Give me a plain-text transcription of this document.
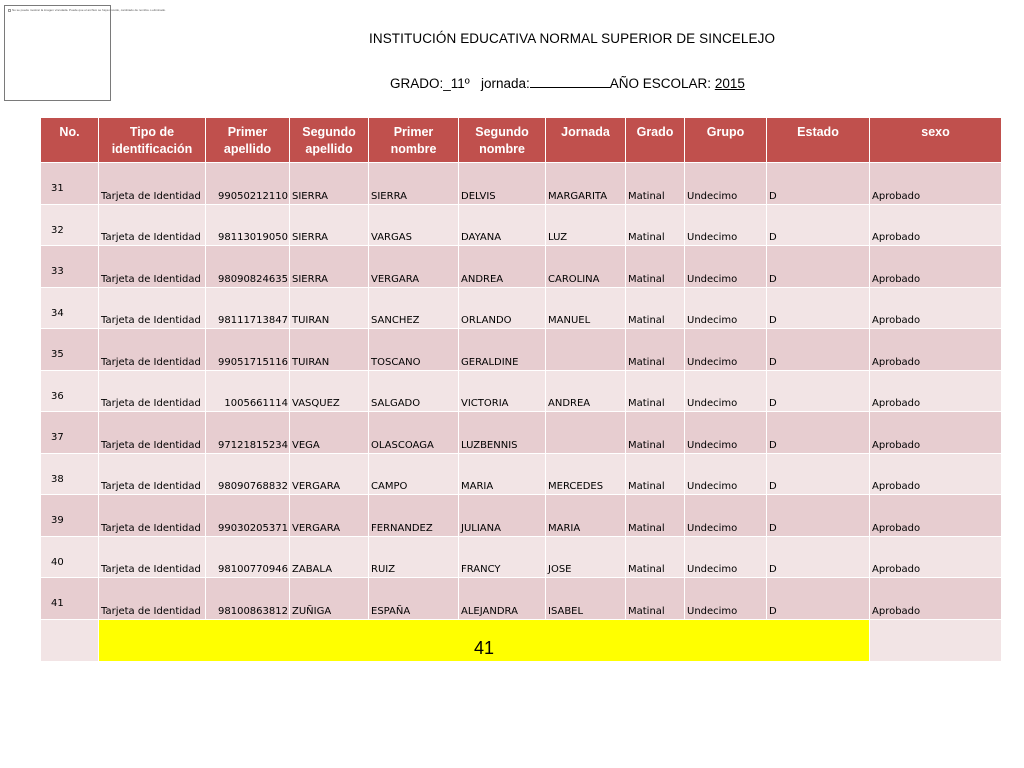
No se puede mostrar la imagen vinculada. Puede que el archivo se haya movido, cambiado de nombre o eliminado.
INSTITUCIÓN EDUCATIVA NORMAL SUPERIOR DE SINCELEJO
GRADO:_11º jornada:	AÑO ESCOLAR: 2015
No.	Tipo de identificación	Primer apellido	Segundo apellido	Primer nombre	Segundo nombre	Jornada	Grado	Grupo	Estado	sexo
31	Tarjeta de Identidad	99050212110	SIERRA	SIERRA	DELVIS	MARGARITA	Matinal	Undecimo	D	Aprobado
32	Tarjeta de Identidad	98113019050	SIERRA	VARGAS	DAYANA	LUZ	Matinal	Undecimo	D	Aprobado
33	Tarjeta de Identidad	98090824635	SIERRA	VERGARA	ANDREA	CAROLINA	Matinal	Undecimo	D	Aprobado
34	Tarjeta de Identidad	98111713847	TUIRAN	SANCHEZ	ORLANDO	MANUEL	Matinal	Undecimo	D	Aprobado
35	Tarjeta de Identidad	99051715116	TUIRAN	TOSCANO	GERALDINE		Matinal	Undecimo	D	Aprobado
36	Tarjeta de Identidad	1005661114	VASQUEZ	SALGADO	VICTORIA	ANDREA	Matinal	Undecimo	D	Aprobado
37	Tarjeta de Identidad	97121815234	VEGA	OLASCOAGA	LUZBENNIS		Matinal	Undecimo	D	Aprobado
38	Tarjeta de Identidad	98090768832	VERGARA	CAMPO	MARIA	MERCEDES	Matinal	Undecimo	D	Aprobado
39	Tarjeta de Identidad	99030205371	VERGARA	FERNANDEZ	JULIANA	MARIA	Matinal	Undecimo	D	Aprobado
40	Tarjeta de Identidad	98100770946	ZABALA	RUIZ	FRANCY	JOSE	Matinal	Undecimo	D	Aprobado
41	Tarjeta de Identidad	98100863812	ZUÑIGA	ESPAÑA	ALEJANDRA	ISABEL	Matinal	Undecimo	D	Aprobado
	41									
